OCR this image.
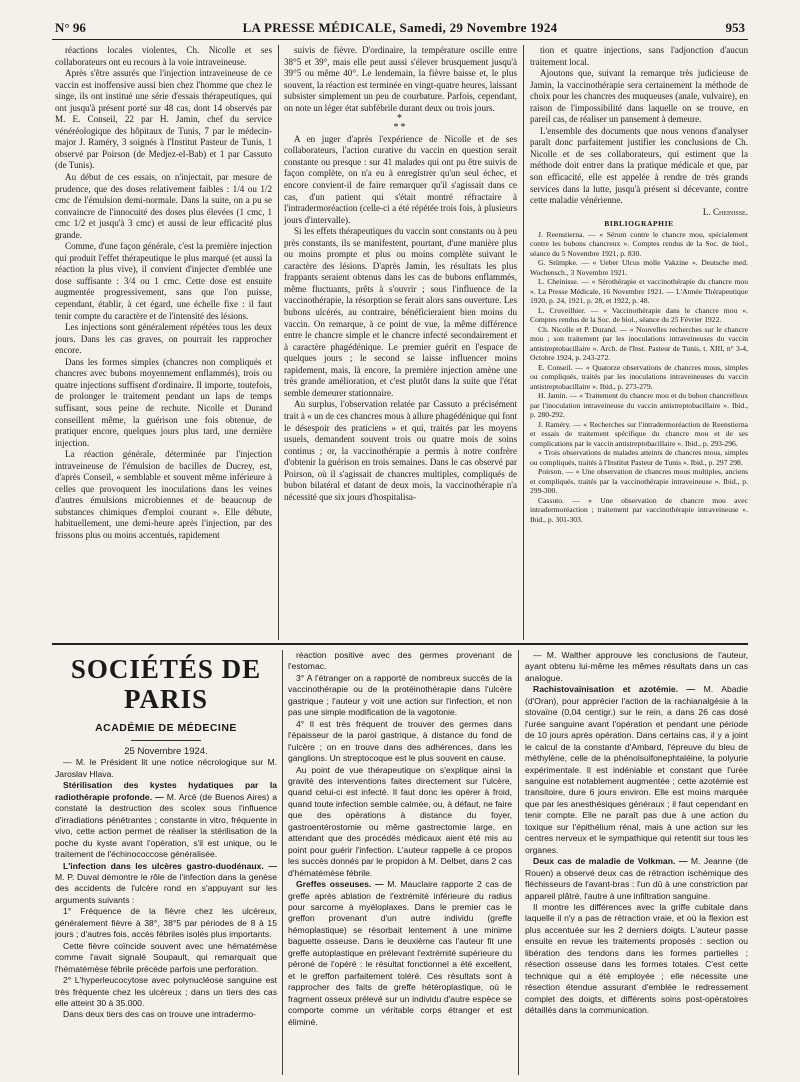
N° 96	LA PRESSE MÉDICALE, Samedi, 29 Novembre 1924	953

réactions locales violentes, Ch. Nicolle et ses collaborateurs ont eu recours à la voie intraveineuse.

Après s'être assurés que l'injection intraveineuse de ce vaccin est inoffensive aussi bien chez l'homme que chez le singe, ils ont institué une série d'essais thérapeutiques, qui ont jusqu'à présent porté sur 48 cas, dont 14 observés par M. E. Conseil, 22 par H. Jamin, chef du service vénéréologique des hôpitaux de Tunis, 7 par le médecin-major J. Raméry, 3 soignés à l'Institut Pasteur de Tunis, 1 observé par Poirson (de Medjez-el-Bab) et 1 par Cassuto (de Tunis).

Au début de ces essais, on n'injectait, par mesure de prudence, que des doses relativement faibles : 1/4 ou 1/2 cmc de l'émulsion demi-normale. Dans la suite, on a pu se convaincre de l'innocuité des doses plus élevées (1 cmc, 1 cmc 1/2 et jusqu'à 3 cmc) et aussi de leur efficacité plus grande.

Comme, d'une façon générale, c'est la première injection qui produit l'effet thérapeutique le plus marqué (et aussi la réaction la plus vive), il convient d'injecter d'emblée une dose suffisante : 3/4 ou 1 cmc. Cette dose est ensuite augmentée progressivement, sans que l'on puisse, cependant, établir, à cet égard, une échelle fixe : il faut tenir compte du caractère et de l'intensité des lésions.

Les injections sont généralement répétées tous les deux jours. Dans les cas graves, on pourrait les rapprocher encore.

Dans les formes simples (chancres non compliqués et chancres avec bubons moyennement enflammés), trois ou quatre injections suffisent d'ordinaire. Il importe, toutefois, de prolonger le traitement pendant un laps de temps suffisant, sous peine de rechute. Nicolle et Durand conseillent même, la guérison une fois obtenue, de pratiquer encore, quelques jours plus tard, une dernière injection.

La réaction générale, déterminée par l'injection intraveineuse de l'émulsion de bacilles de Ducrey, est, d'après Conseil, « semblable et souvent même inférieure à celles que provoquent les inoculations dans les veines d'autres émulsions microbiennes et de beaucoup de substances chimiques d'emploi courant ». Elle débute, habituellement, une demi-heure après l'injection, par des frissons plus ou moins accentués, rapidement

suivis de fièvre. D'ordinaire, la température oscille entre 38°5 et 39°, mais elle peut aussi s'élever brusquement jusqu'à 39°5 ou même 40°. Le lendemain, la fièvre baisse et, le plus souvent, la réaction est terminée en vingt-quatre heures, laissant subsister simplement un peu de courbature. Parfois, cependant, on note un léger état subfébrile durant deux ou trois jours.

*
**

A en juger d'après l'expérience de Nicolle et de ses collaborateurs, l'action curative du vaccin en question serait constante ou presque : sur 41 malades qui ont pu être suivis de façon complète, on n'a eu à enregistrer qu'un seul échec, et encore convient-il de faire remarquer qu'il s'agissait dans ce cas, d'un patient qui s'était montré réfractaire à l'intradermoréaction (celle-ci a été répétée trois fois, à plusieurs jours d'intervalle).

Si les effets thérapeutiques du vaccin sont constants ou à peu près constants, ils se manifestent, pourtant, d'une manière plus ou moins prompte et plus ou moins complète suivant le caractère des lésions. D'après Jamin, les résultats les plus frappants seraient obtenus dans les cas de bubons enflammés, même fluctuants, prêts à s'ouvrir ; sous l'influence de la vaccinothérapie, la résorption se ferait alors sans ouverture. Les bubons ulcérés, au contraire, bénéficieraient bien moins du vaccin. On remarque, à ce point de vue, la même différence entre le chancre simple et le chancre infecté secondairement et à caractère phagédénique. Le premier guérit en l'espace de quelques jours ; le second se laisse influencer moins rapidement, mais, là encore, la première injection amène une très grande amélioration, et c'est plutôt dans la suite que l'état semble demeurer stationnaire.

Au surplus, l'observation relatée par Cassuto a précisément trait à « un de ces chancres mous à allure phagédénique qui font le désespoir des praticiens » et qui, traités par les moyens usuels, demandent souvent trois ou quatre mois de soins continus ; or, la vaccinothérapie a permis à notre confrère d'obtenir la guérison en trois semaines. Dans le cas observé par Poirson, où il s'agissait de chancres multiples, compliqués de bubon bilatéral et datant de deux mois, la vaccinothérapie n'a nécessité que six jours d'hospitalisa-

tion et quatre injections, sans l'adjonction d'aucun traitement local.

Ajoutons que, suivant la remarque très judicieuse de Jamin, la vaccinothérapie sera certainement la méthode de choix pour les chancres des muqueuses (anale, vulvaire), en raison de l'impossibilité dans laquelle on se trouve, en pareil cas, de réaliser un pansement à demeure.

L'ensemble des documents que nous venons d'analyser paraît donc parfaitement justifier les conclusions de Ch. Nicolle et de ses collaborateurs, qui estiment que la méthode doit entrer dans la pratique médicale et que, par son efficacité, elle est appelée à rendre de très grands services dans la lutte, jusqu'à présent si décevante, contre cette maladie vénérienne.

L. Cheinisse.

BIBLIOGRAPHIE

J. Reenstierna. — « Sérum contre le chancre mou, spécialement contre les bubons chancreux ». Comptes rendus de la Soc. de biol., séance du 5 Novembre 1921, p. 830.

G. Stümpke. — « Ueber Ulcus molle Vakzine ». Deutsche med. Wochensch., 3 Novembre 1921.

L. Cheinisse. — « Sérothérapie et vaccinothérapie du chancre mou ». La Presse Médicale, 16 Novembre 1921. — L'Année Thérapeutique 1920, p. 24, 1921, p. 28, et 1922, p. 48.

L. Cruveilhier. — « Vaccinothérapie dans le chancre mou ». Comptes rendus de la Soc. de biol., séance du 25 Février 1922.

Ch. Nicolle et P. Durand. — « Nouvelles recherches sur le chancre mou ; son traitement par les inoculations intraveineuses du vaccin antistreptobacillaire ». Arch. de l'Inst. Pasteur de Tunis, t. XIII, n° 3-4, Octobre 1924, p. 243-272.

E. Conseil. — « Quatorze observations de chancres mous, simples ou compliqués, traités par les inoculations intraveineuses du vaccin antistreptobacillaire ». Ibid., p. 273-279.

H. Jamin. — « Traitement du chancre mou et du bubon chancrelleux par l'inoculation intraveineuse du vaccin antistreptobacillaire ». Ibid., p. 280-292.

J. Raméry. — « Recherches sur l'intradermoréaction de Reenstierna et essais de traitement spécifique du chancre mou et de ses complications par le vaccin antistreptobacillaire ». Ibid., p. 293-296.

« Trois observations de malades atteints de chancres mous, simples ou compliqués, traités à l'Institut Pasteur de Tunis ». Ibid., p. 297 298.

Poirson. — « Une observation de chancres mous multiples, anciens et compliqués, traités par la vaccinothérapie intraveineuse ». Ibid., p. 299-300.

Cassuto. — « Une observation de chancre mou avec intradermoréaction ; traitement par vaccinothérapie intraveineuse ». Ibid., p. 301-303.

SOCIÉTÉS DE PARIS
ACADÉMIE DE MÉDECINE

25 Novembre 1924.

— M. le Président lit une notice nécrologique sur M. Jaroslav Hlava.

Stérilisation des kystes hydatiques par la radiothérapie profonde. — M. Arcé (de Buenos Aires) a constaté la destruction des scolex sous l'influence d'irradiations pénétrantes ; constante in vitro, fréquente in vivo, cette action permet de réaliser la stérilisation de la poche du kyste avant l'opération, s'il est unique, ou le traitement de l'échinococcose généralisée.

L'infection dans les ulcères gastro-duodénaux. — M. P. Duval démontre le rôle de l'infection dans la genèse des accidents de l'ulcère rond en s'appuyant sur les arguments suivants :

1° Fréquence de la fièvre chez les ulcéreux, généralement fièvre à 38°, 38°5 par périodes de 8 à 15 jours ; d'autres fois, accès fébriles isolés plus importants.

Cette fièvre coïncide souvent avec une hématémèse comme l'avait signalé Soupault, qui remarquait que l'hématémèse fébrile précède parfois une perforation.

2° L'hyperleucocytose avec polynucléose sanguine est très fréquente chez les ulcéreux ; dans un tiers des cas elle atteint 30 à 35.000.

Dans deux tiers des cas on trouve une intradermo-

réaction positive avec des germes provenant de l'estomac.

3° A l'étranger on a rapporté de nombreux succès de la vaccinothérapie ou de la protéinothérapie dans l'ulcère gastrique ; l'auteur y voit une action sur l'infection, et non pas une simple modification de la vagotonie.

4° Il est très fréquent de trouver des germes dans l'épaisseur de la paroi gastrique, à distance du fond de l'ulcère ; on en trouve dans des adhérences, dans les ganglions. Un streptocoque est le plus souvent en cause.

Au point de vue thérapeutique on s'explique ainsi la gravité des interventions faites directement sur l'ulcère, quand celui-ci est infecté. Il faut donc les opérer à froid, quand toute infection semble calmée, ou, à défaut, ne faire que des opérations à distance du foyer, gastroentérostomie ou même gastrectomie large, en attendant que des procédés médicaux aient été mis au point pour guérir l'infection. L'auteur rappelle à ce propos les succès donnés par le propidon à M. Delbet, dans 2 cas d'hématémèse fébrile.

Greffes osseuses. — M. Mauclaire rapporte 2 cas de greffe après ablation de l'extrémité inférieure du radius pour sarcome à myéloplaxes. Dans le premier cas le greffon provenant d'un autre individu (greffe hémoplastique) se résorbait lentement à une minime baguette osseuse. Dans le deuxième cas l'auteur fit une greffe autoplastique en prélevant l'extrémité supérieure du péroné de l'opéré : le résultat fonctionnel a été excellent, et le greffon parfaitement toléré. Ces résultats sont à rapprocher des faits de greffe hétéroplastique, où le fragment osseux prélevé sur un individu d'autre espèce se comporte comme un véritable corps étranger et est éliminé.

— M. Walther approuve les conclusions de l'auteur, ayant obtenu lui-même les mêmes résultats dans un cas analogue.

Rachistovaïnisation et azotémie. — M. Abadie (d'Oran), pour apprécier l'action de la rachianalgésie à la stovaïne (0,04 centigr.) sur le rein, a dans 26 cas dosé l'urée sanguine avant l'opération et pendant une période de 10 jours après opération. Dans certains cas, il y a joint le calcul de la constante d'Ambard, l'épreuve du bleu de méthylène, celle de la phénolsulfonephtaléine, la polyurie expérimentale. Il est indéniable et constant que l'urée sanguine est notablement augmentée ; cette azotémie est transitoire, dure 6 jours environ. Elle est moins marquée que par les anesthésiques généraux ; il faut cependant en tenir compte. Elle ne paraît pas due à une action du toxique sur l'épithélium rénal, mais à une action sur les centres nerveux et le sympathique qui retentit sur tous les organes.

Deux cas de maladie de Volkman. — M. Jeanne (de Rouen) a observé deux cas de rétraction ischémique des fléchisseurs de l'avant-bras : l'un dû à une constriction par appareil plâtré, l'autre à une infiltration sanguine.

Il montre les différences avec la griffe cubitale dans laquelle il n'y a pas de rétraction vraie, et où la flexion est plus accentuée sur les 2 derniers doigts. L'auteur passe ensuite en revue les traitements proposés : section ou libération des tendons dans les formes partielles ; résection osseuse dans les formes totales. C'est cette technique qui a été employée ; elle nécessite une résection étendue assurant d'emblée le redressement complet des doigts, et différents soins post-opératoires détaillés dans la communication.
